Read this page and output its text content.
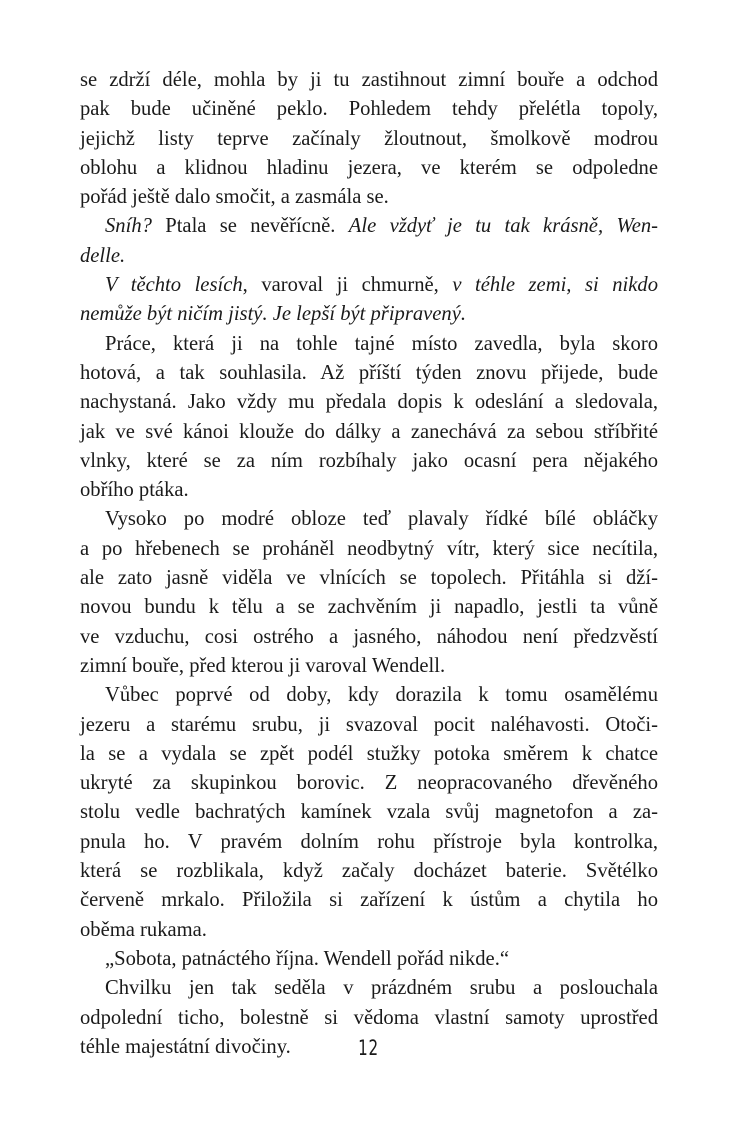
se zdrží déle, mohla by ji tu zastihnout zimní bouře a odchod
pak bude učiněné peklo. Pohledem tehdy přelétla topoly,
jejichž listy teprve začínaly žloutnout, šmolkově modrou
oblohu a klidnou hladinu jezera, ve kterém se odpoledne
pořád ještě dalo smočit, a zasmála se.
Sníh? Ptala se nevěřícně. Ale vždyť je tu tak krásně, Wen-
delle.
V těchto lesích, varoval ji chmurně, v téhle zemi, si nikdo
nemůže být ničím jistý. Je lepší být připravený.
Práce, která ji na tohle tajné místo zavedla, byla skoro
hotová, a tak souhlasila. Až příští týden znovu přijede, bude
nachystaná. Jako vždy mu předala dopis k odeslání a sledovala,
jak ve své kánoi klouže do dálky a zanechává za sebou stříbřité
vlnky, které se za ním rozbíhaly jako ocasní pera nějakého
obřího ptáka.
Vysoko po modré obloze teď plavaly řídké bílé obláčky
a po hřebenech se proháněl neodbytný vítr, který sice necítila,
ale zato jasně viděla ve vlnících se topolech. Přitáhla si dží-
novou bundu k tělu a se zachvěním ji napadlo, jestli ta vůně
ve vzduchu, cosi ostrého a jasného, náhodou není předzvěstí
zimní bouře, před kterou ji varoval Wendell.
Vůbec poprvé od doby, kdy dorazila k tomu osamělému
jezeru a starému srubu, ji svazoval pocit naléhavosti. Otoči-
la se a vydala se zpět podél stužky potoka směrem k chatce
ukryté za skupinkou borovic. Z neopracovaného dřevěného
stolu vedle bachratých kamínek vzala svůj magnetofon a za-
pnula ho. V pravém dolním rohu přístroje byla kontrolka,
která se rozblikala, když začaly docházet baterie. Světélko
červeně mrkalo. Přiložila si zařízení k ústům a chytila ho
oběma rukama.
„Sobota, patnáctého října. Wendell pořád nikde.“
Chvilku jen tak seděla v prázdném srubu a poslouchala
odpolední ticho, bolestně si vědoma vlastní samoty uprostřed
téhle majestátní divočiny.	12
